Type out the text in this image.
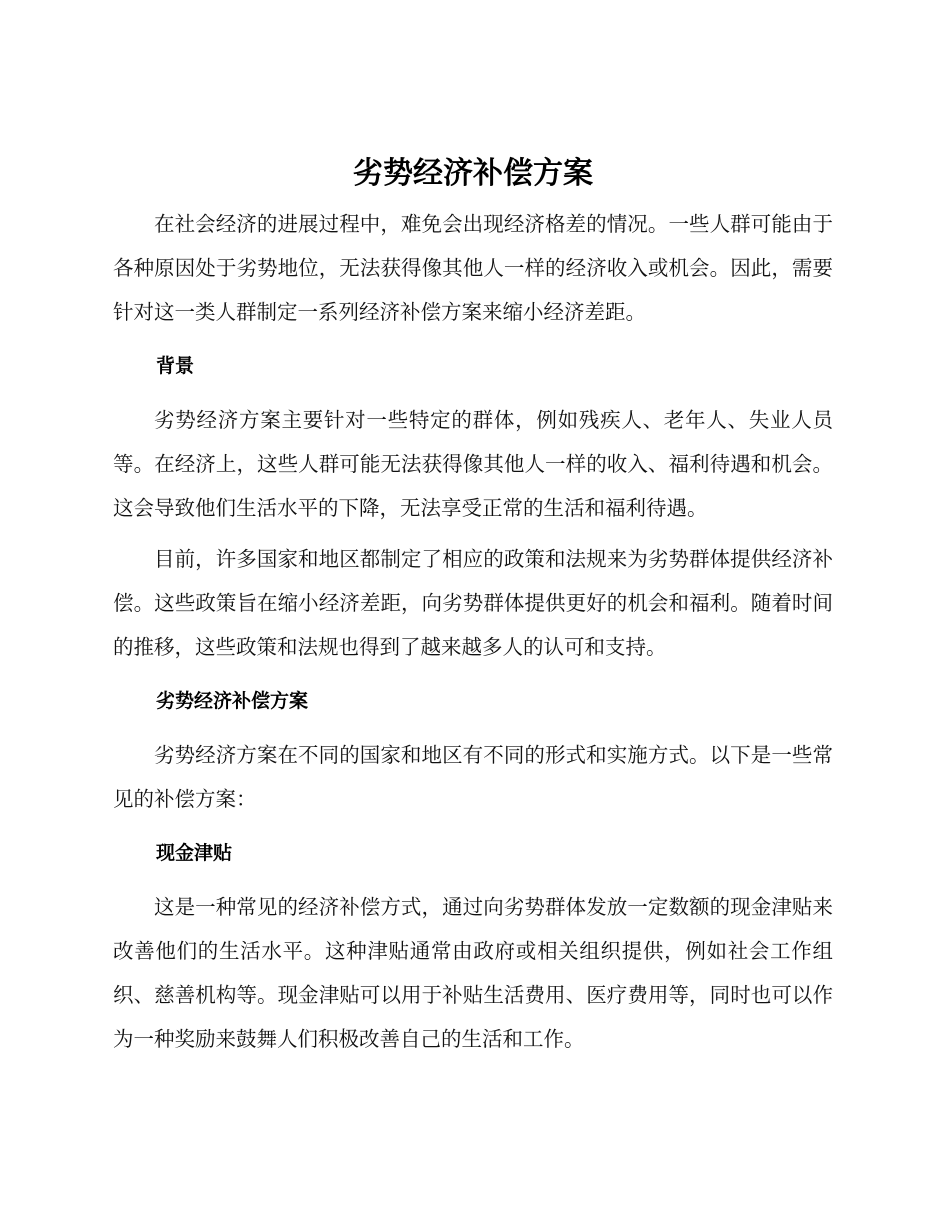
劣势经济补偿方案

在社会经济的进展过程中，难免会出现经济格差的情况。一些人群可能由于各种原因处于劣势地位，无法获得像其他人一样的经济收入或机会。因此，需要针对这一类人群制定一系列经济补偿方案来缩小经济差距。

背景

劣势经济方案主要针对一些特定的群体，例如残疾人、老年人、失业人员等。在经济上，这些人群可能无法获得像其他人一样的收入、福利待遇和机会。这会导致他们生活水平的下降，无法享受正常的生活和福利待遇。

目前，许多国家和地区都制定了相应的政策和法规来为劣势群体提供经济补偿。这些政策旨在缩小经济差距，向劣势群体提供更好的机会和福利。随着时间的推移，这些政策和法规也得到了越来越多人的认可和支持。

劣势经济补偿方案

劣势经济方案在不同的国家和地区有不同的形式和实施方式。以下是一些常见的补偿方案：

现金津贴

这是一种常见的经济补偿方式，通过向劣势群体发放一定数额的现金津贴来改善他们的生活水平。这种津贴通常由政府或相关组织提供，例如社会工作组织、慈善机构等。现金津贴可以用于补贴生活费用、医疗费用等，同时也可以作为一种奖励来鼓舞人们积极改善自己的生活和工作。
